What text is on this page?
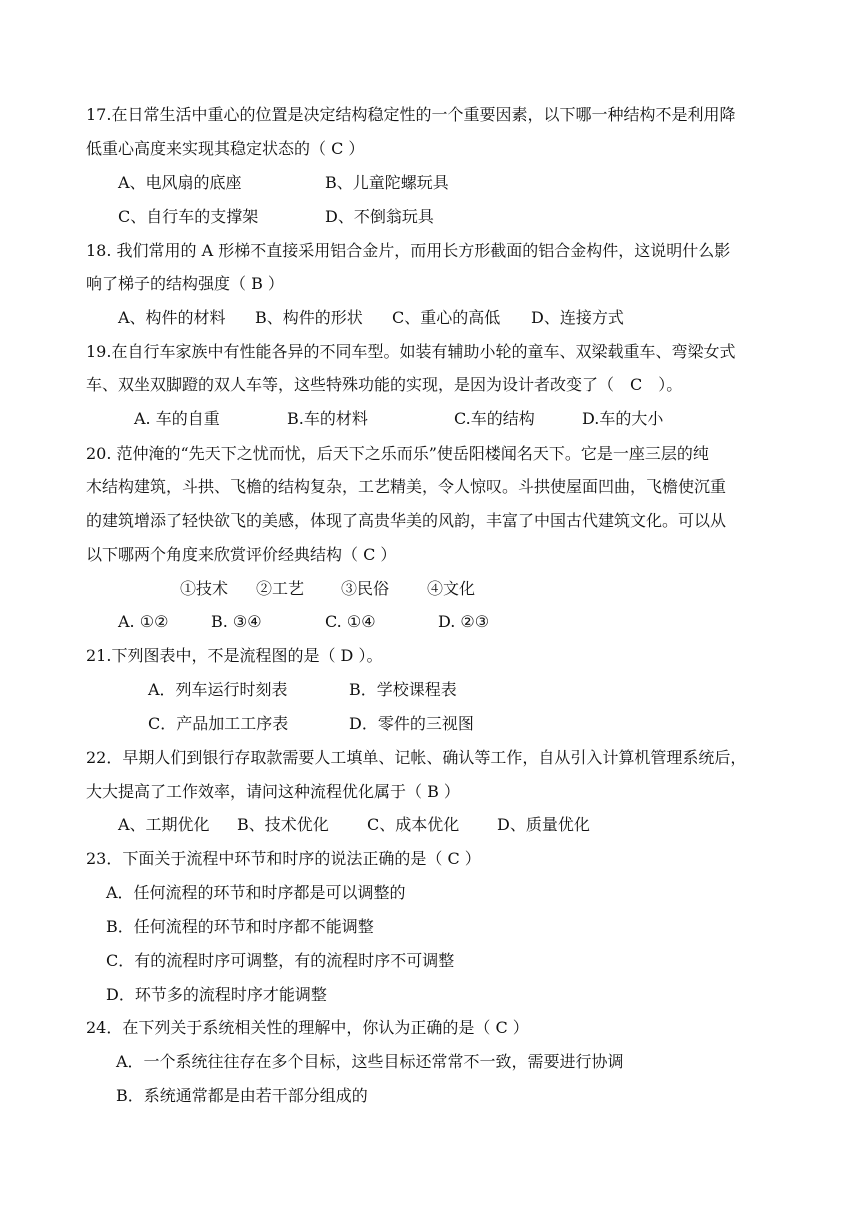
17.在日常生活中重心的位置是决定结构稳定性的一个重要因素，以下哪一种结构不是利用降
低重心高度来实现其稳定状态的（ C ）
A、电风扇的底座	B、儿童陀螺玩具
C、自行车的支撑架	D、不倒翁玩具
18. 我们常用的 A 形梯不直接采用铝合金片，而用长方形截面的铝合金构件，这说明什么影
响了梯子的结构强度（ B ）
A、构件的材料 B、构件的形状 C、重心的高低 D、连接方式
19.在自行车家族中有性能各异的不同车型。如装有辅助小轮的童车、双梁载重车、弯梁女式
车、双坐双脚蹬的双人车等，这些特殊功能的实现，是因为设计者改变了（　C　）。
A. 车的自重	B.车的材料	C.车的结构	D.车的大小
20. 范仲淹的“先天下之忧而忧，后天下之乐而乐”使岳阳楼闻名天下。它是一座三层的纯
木结构建筑，斗拱、飞檐的结构复杂，工艺精美，令人惊叹。斗拱使屋面凹曲，飞檐使沉重
的建筑增添了轻快欲飞的美感，体现了高贵华美的风韵，丰富了中国古代建筑文化。可以从
以下哪两个角度来欣赏评价经典结构（ C ）
①技术 ②工艺 ③民俗 ④文化
A. ①②	B. ③④	C. ①④	D. ②③
21.下列图表中，不是流程图的是（ D ）。
A．列车运行时刻表	B．学校课程表
C．产品加工工序表	D．零件的三视图
22．早期人们到银行存取款需要人工填单、记帐、确认等工作，自从引入计算机管理系统后，
大大提高了工作效率，请问这种流程优化属于（ B ）
A、工期优化 B、技术优化 C、成本优化 D、质量优化
23．下面关于流程中环节和时序的说法正确的是（ C ）
A．任何流程的环节和时序都是可以调整的
B．任何流程的环节和时序都不能调整
C．有的流程时序可调整，有的流程时序不可调整
D．环节多的流程时序才能调整
24．在下列关于系统相关性的理解中，你认为正确的是（ C ）
A．一个系统往往存在多个目标，这些目标还常常不一致，需要进行协调
B．系统通常都是由若干部分组成的
